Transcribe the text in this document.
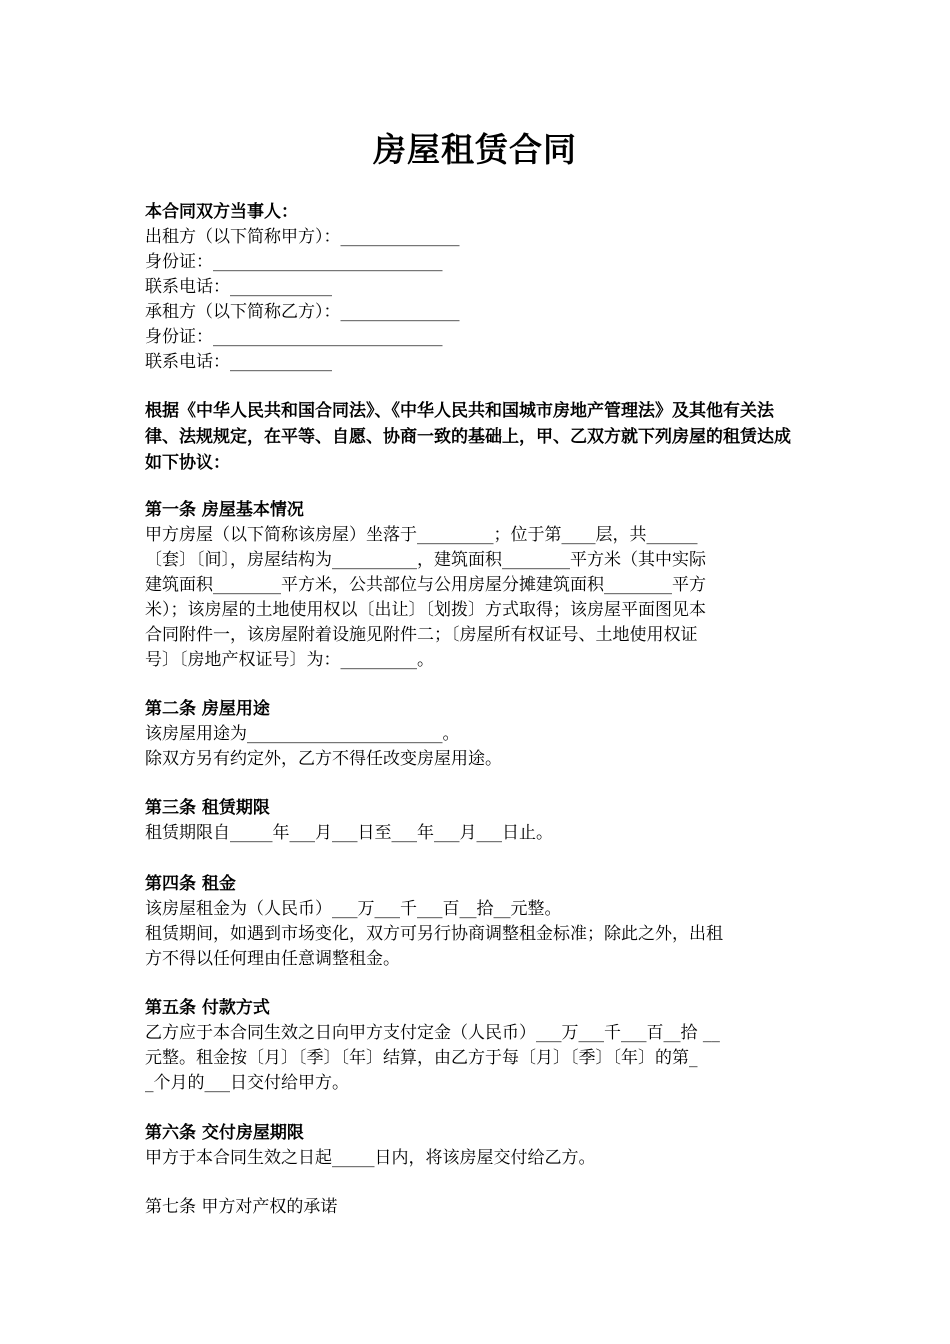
房屋租赁合同
本合同双方当事人：
出租方（以下简称甲方）：______________
身份证：___________________________
联系电话：____________
承租方（以下简称乙方）：______________
身份证：___________________________
联系电话：____________
根据《中华人民共和国合同法》、《中华人民共和国城市房地产管理法》及其他有关法律、法规规定，在平等、自愿、协商一致的基础上，甲、乙双方就下列房屋的租赁达成如下协议：
第一条 房屋基本情况
甲方房屋（以下简称该房屋）坐落于_________；位于第____层，共______
〔套〕〔间〕，房屋结构为__________，建筑面积________平方米（其中实际
建筑面积________平方米，公共部位与公用房屋分摊建筑面积________平方
米）；该房屋的土地使用权以〔出让〕〔划拨〕方式取得；该房屋平面图见本
合同附件一，该房屋附着设施见附件二；〔房屋所有权证号、土地使用权证
号〕〔房地产权证号〕为：_________。
第二条 房屋用途
该房屋用途为_______________________。
除双方另有约定外，乙方不得任改变房屋用途。
第三条 租赁期限
租赁期限自_____年___月___日至___年___月___日止。
第四条 租金
该房屋租金为（人民币）___万___千___百__拾__元整。
租赁期间，如遇到市场变化，双方可另行协商调整租金标准；除此之外，出租
方不得以任何理由任意调整租金。
第五条 付款方式
乙方应于本合同生效之日向甲方支付定金（人民币）___万___千___百__拾 __
元整。租金按〔月〕〔季〕〔年〕结算，由乙方于每〔月〕〔季〕〔年〕的第_
_个月的___日交付给甲方。
第六条 交付房屋期限
甲方于本合同生效之日起_____日内，将该房屋交付给乙方。
第七条 甲方对产权的承诺
